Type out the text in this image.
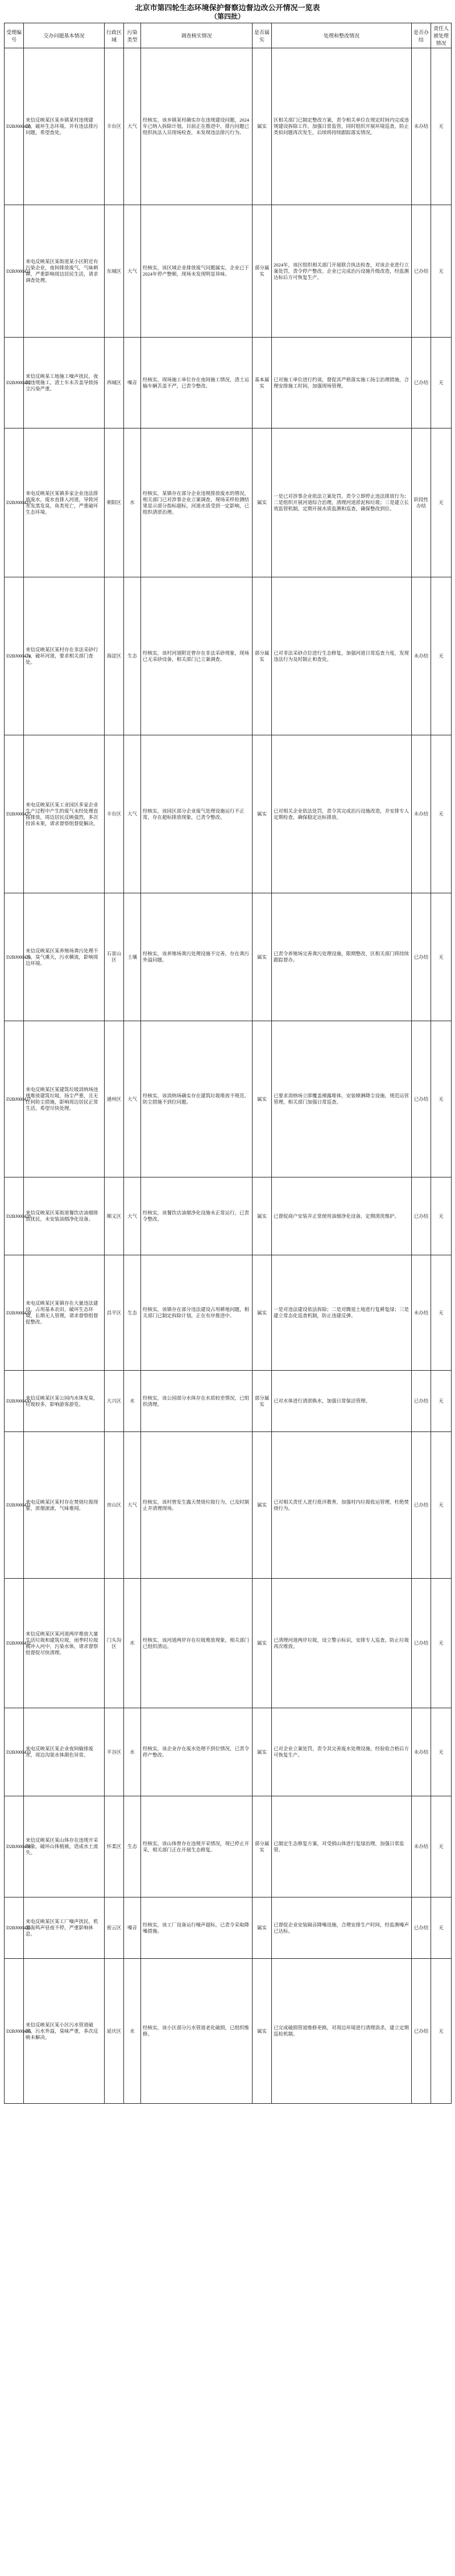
北京市第四轮生态环境保护督察边督边改公开情况一览表
（第四批）
受理编号	交办问题基本情况	行政区域	污染类型	调查核实情况	是否属实	处理和整改情况	是否办结	责任人被处理情况
D2BJ000420	来信反映某区某乡镇某村违规建设，破坏生态环境，并有违法排污问题，希望查处。	丰台区	大气	经核实，该乡镇某村确实存在违规建设问题，2024年已纳入拆除计划，目前正在推进中，排污问题已组织执法人员现场检查，未发现违法排污行为。	属实	区相关部门已制定整改方案，责令相关单位在规定时间内完成违规建设拆除工作，加强日常监管，同时组织开展环境巡查，防止类似问题再次发生，后续将持续跟踪落实情况。	未办结	无
D2BJ000421	来电反映某区某街道某小区附近有污染企业，夜间排放废气，气味刺鼻，严重影响周边居民生活，请求调查处理。	东城区	大气	经核实，该区域企业排放废气问题属实，企业已于2024年停产整顿，现场未发现明显异味。	部分属实	2024年，该区组织相关部门开展联合执法检查，对该企业进行立案处罚，责令停产整改。企业已完成治污设施升级改造，经监测达标后方可恢复生产。	已办结	无
D2BJ000422	来信反映某工地施工噪声扰民，夜间违规施工，渣土车未苫盖导致扬尘污染严重。	西城区	噪音	经核实，现场施工单位存在夜间施工情况，渣土运输车辆苫盖不严，已责令整改。	基本属实	已对施工单位进行约谈，督促其严格落实施工扬尘治理措施，合理安排施工时间，加强现场管理。	已办结	无
D2BJ000423	来电反映某区某镇多家企业违法排放废水，废水直排入河道，导致河水发黑发臭，鱼类死亡，严重破坏生态环境。	朝阳区	水	经核实，某镇存在部分企业违规排放废水的情况，相关部门已对涉事企业立案调查，现场采样检测结果显示部分指标超标，河道水质受到一定影响，已组织清淤治理。	属实	一是已对涉事企业依法立案处罚，责令立即停止违法排放行为；二是组织开展河道综合治理，清理河道淤泥和垃圾；三是建立长效监管机制，定期开展水质监测和巡查，确保整改到位。	阶段性办结	无
D2BJ000424	来信反映某区某村存在非法采砂行为，破坏河道，要求相关部门查处。	海淀区	生态	经核实，该村河道附近曾存在非法采砂现象，现场已无采砂设备，相关部门已立案调查。	部分属实	已对非法采砂点位进行生态修复，加强河道日常巡查力度，发现违法行为及时制止和查处。	未办结	无
D2BJ000425	来电反映某区某工业园区多家企业生产过程中产生的废气未经处理直接排放，周边居民反映强烈，多次投诉未果，请求督察组督促解决。	丰台区	大气	经核实，该园区部分企业废气处理设施运行不正常，存在超标排放现象，已责令整改。	属实	已对相关企业依法处罚，责令其完成治污设施改造，并安排专人定期检查，确保稳定达标排放。	未办结	无
D2BJ000426	来信反映某区某养殖场粪污处理不当，臭气熏天，污水横流，影响周边环境。	石景山区	土壤	经核实，该养殖场粪污处理设施不完善，存在粪污外溢问题。	属实	已责令养殖场完善粪污处理设施，限期整改，区相关部门将持续跟踪督办。	已办结	无
D2BJ000427	来电反映某区某建筑垃圾消纳场违规堆放建筑垃圾，扬尘严重，且无任何防尘措施，影响周边居民正常生活，希望尽快处理。	通州区	大气	经核实，该消纳场确实存在建筑垃圾堆放不规范、防尘措施不到位问题。	属实	已要求消纳场立即覆盖裸露堆体，安装喷淋降尘设施，规范运营管理，相关部门加强日常巡查。	已办结	无
D2BJ000428	来信反映某区某街道餐饮店油烟排放扰民，未安装油烟净化设备。	顺义区	大气	经核实，该餐饮店油烟净化设施未正常运行，已责令整改。	属实	已督促商户安装并正常使用油烟净化设备，定期清洗维护。	已办结	无
D2BJ000429	来电反映某区某镇存在大量违法建设，占用基本农田，破坏生态环境，长期无人管理，请求督察组督促整改。	昌平区	生态	经核实，该镇存在部分违法建设占用耕地问题，相关部门已制定拆除计划，正在有序推进中。	属实	一是对违法建设依法拆除；二是对腾退土地进行复耕复绿；三是建立常态化巡查机制，防止违建反弹。	未办结	无
D2BJ000430	来信反映某区某公园内水体发臭，垃圾较多，影响游客游览。	大兴区	水	经核实，该公园部分水体存在水质较差情况，已组织清理。	部分属实	已对水体进行清淤换水，加强日常保洁管理。	已办结	无
D2BJ000431	来电反映某区某村存在焚烧垃圾现象，浓烟滚滚，气味难闻。	房山区	大气	经核实，该村曾发生露天焚烧垃圾行为，已及时制止并清理现场。	属实	已对相关责任人进行批评教育，加强村内垃圾收运管理，杜绝焚烧行为。	已办结	无
D2BJ000432	来信反映某区某河道两岸堆放大量生活垃圾和建筑垃圾，雨季时垃圾被冲入河中，污染水体，请求督察组督促尽快清理。	门头沟区	水	经核实，该河道两岸存在垃圾堆放现象，相关部门已组织清运。	属实	已清理河道两岸垃圾，设立警示标识，安排专人巡查，防止垃圾再次堆放。	已办结	无
D2BJ000433	来电反映某区某企业夜间偷排废水，周边沟渠水体颜色异常。	平谷区	水	经核实，该企业存在废水处理不到位情况，已责令停产整改。	属实	已对企业立案处罚，责令其完善废水处理设施，经验收合格后方可恢复生产。	未办结	无
D2BJ000434	来信反映某区某山体存在违规开采现象，破坏山体植被，造成水土流失。	怀柔区	生态	经核实，该山体曾存在违规开采情况，现已停止开采，相关部门正在开展生态修复。	部分属实	已制定生态修复方案，对受损山体进行复绿治理，加强日常监管。	未办结	无
D2BJ000435	来电反映某区某工厂噪声扰民，机器轰鸣声昼夜不停，严重影响休息。	密云区	噪音	经核实，该工厂设备运行噪声超标，已责令采取降噪措施。	属实	已督促企业安装隔音降噪设施，合理安排生产时间，经监测噪声已达标。	已办结	无
D2BJ000436	来信反映某区某小区污水管道破损，污水外溢，臭味严重，多次反映未解决。	延庆区	水	经核实，该小区部分污水管道老化破损，已组织维修。	属实	已完成破损管道维修更换，对周边环境进行清理消杀，建立定期巡检机制。	已办结	无
